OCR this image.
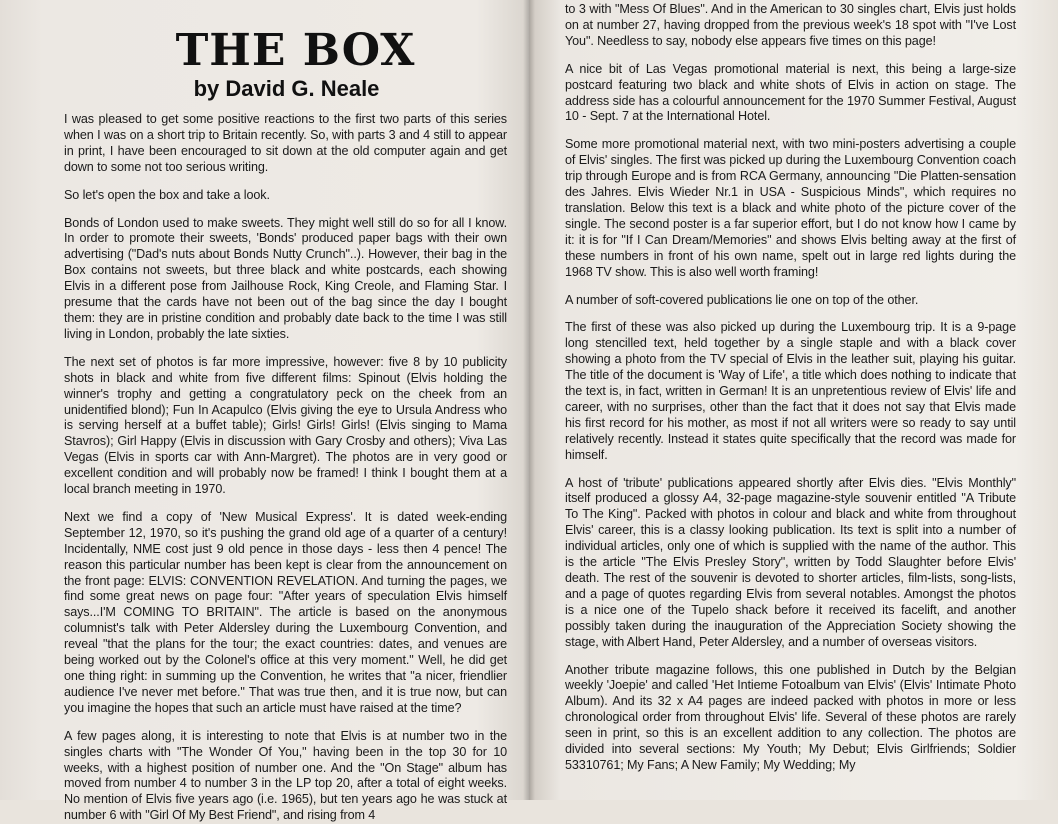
THE BOX
by David G. Neale

I was pleased to get some positive reactions to the first two parts of this series when I was on a short trip to Britain recently. So, with parts 3 and 4 still to appear in print, I have been encouraged to sit down at the old computer again and get down to some not too serious writing.

So let's open the box and take a look.

Bonds of London used to make sweets. They might well still do so for all I know. In order to promote their sweets, 'Bonds' produced paper bags with their own advertising ("Dad's nuts about Bonds Nutty Crunch"..). However, their bag in the Box contains not sweets, but three black and white postcards, each showing Elvis in a different pose from Jailhouse Rock, King Creole, and Flaming Star. I presume that the cards have not been out of the bag since the day I bought them: they are in pristine condition and probably date back to the time I was still living in London, probably the late sixties.

The next set of photos is far more impressive, however: five 8 by 10 publicity shots in black and white from five different films: Spinout (Elvis holding the winner's trophy and getting a congratulatory peck on the cheek from an unidentified blond); Fun In Acapulco (Elvis giving the eye to Ursula Andress who is serving herself at a buffet table); Girls! Girls! Girls! (Elvis singing to Mama Stavros); Girl Happy (Elvis in discussion with Gary Crosby and others); Viva Las Vegas (Elvis in sports car with Ann-Margret). The photos are in very good or excellent condition and will probably now be framed! I think I bought them at a local branch meeting in 1970.

Next we find a copy of 'New Musical Express'. It is dated week-ending September 12, 1970, so it's pushing the grand old age of a quarter of a century! Incidentally, NME cost just 9 old pence in those days - less then 4 pence! The reason this particular number has been kept is clear from the announcement on the front page: ELVIS: CONVENTION REVELATION. And turning the pages, we find some great news on page four: "After years of speculation Elvis himself says...I'M COMING TO BRITAIN". The article is based on the anonymous columnist's talk with Peter Aldersley during the Luxembourg Convention, and reveal "that the plans for the tour; the exact countries: dates, and venues are being worked out by the Colonel's office at this very moment." Well, he did get one thing right: in summing up the Convention, he writes that "a nicer, friendlier audience I've never met before." That was true then, and it is true now, but can you imagine the hopes that such an article must have raised at the time?

A few pages along, it is interesting to note that Elvis is at number two in the singles charts with "The Wonder Of You," having been in the top 30 for 10 weeks, with a highest position of number one. And the "On Stage" album has moved from number 4 to number 3 in the LP top 20, after a total of eight weeks. No mention of Elvis five years ago (i.e. 1965), but ten years ago he was stuck at number 6 with "Girl Of My Best Friend", and rising from 4

to 3 with "Mess Of Blues". And in the American to 30 singles chart, Elvis just holds on at number 27, having dropped from the previous week's 18 spot with "I've Lost You". Needless to say, nobody else appears five times on this page!

A nice bit of Las Vegas promotional material is next, this being a large-size postcard featuring two black and white shots of Elvis in action on stage. The address side has a colourful announcement for the 1970 Summer Festival, August 10 - Sept. 7 at the International Hotel.

Some more promotional material next, with two mini-posters advertising a couple of Elvis' singles. The first was picked up during the Luxembourg Convention coach trip through Europe and is from RCA Germany, announcing "Die Platten-sensation des Jahres. Elvis Wieder Nr.1 in USA - Suspicious Minds", which requires no translation. Below this text is a black and white photo of the picture cover of the single. The second poster is a far superior effort, but I do not know how I came by it: it is for "If I Can Dream/Memories" and shows Elvis belting away at the first of these numbers in front of his own name, spelt out in large red lights during the 1968 TV show. This is also well worth framing!

A number of soft-covered publications lie one on top of the other.

The first of these was also picked up during the Luxembourg trip. It is a 9-page long stencilled text, held together by a single staple and with a black cover showing a photo from the TV special of Elvis in the leather suit, playing his guitar. The title of the document is 'Way of Life', a title which does nothing to indicate that the text is, in fact, written in German! It is an unpretentious review of Elvis' life and career, with no surprises, other than the fact that it does not say that Elvis made his first record for his mother, as most if not all writers were so ready to say until relatively recently. Instead it states quite specifically that the record was made for himself.

A host of 'tribute' publications appeared shortly after Elvis dies. "Elvis Monthly" itself produced a glossy A4, 32-page magazine-style souvenir entitled "A Tribute To The King". Packed with photos in colour and black and white from throughout Elvis' career, this is a classy looking publication. Its text is split into a number of individual articles, only one of which is supplied with the name of the author. This is the article "The Elvis Presley Story", written by Todd Slaughter before Elvis' death. The rest of the souvenir is devoted to shorter articles, film-lists, song-lists, and a page of quotes regarding Elvis from several notables. Amongst the photos is a nice one of the Tupelo shack before it received its facelift, and another possibly taken during the inauguration of the Appreciation Society showing the stage, with Albert Hand, Peter Aldersley, and a number of overseas visitors.

Another tribute magazine follows, this one published in Dutch by the Belgian weekly 'Joepie' and called 'Het Intieme Fotoalbum van Elvis' (Elvis' Intimate Photo Album). And its 32 x A4 pages are indeed packed with photos in more or less chronological order from throughout Elvis' life. Several of these photos are rarely seen in print, so this is an excellent addition to any collection. The photos are divided into several sections: My Youth; My Debut; Elvis Girlfriends; Soldier 53310761; My Fans; A New Family; My Wedding; My
